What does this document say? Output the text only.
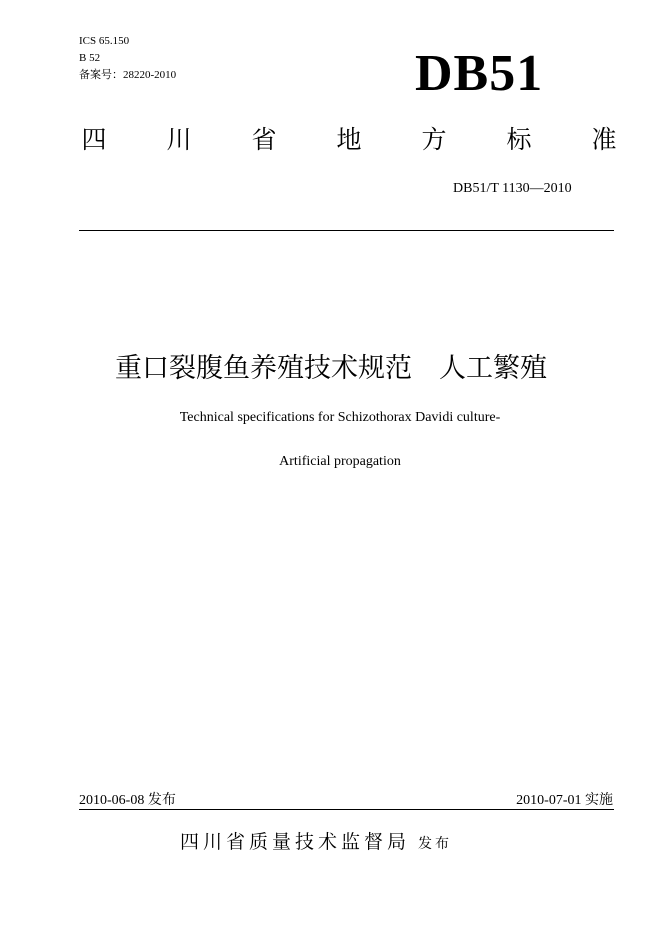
ICS 65.150
B 52
备案号：28220-2010	DB51
四 川 省 地 方 标 准
DB51/T 1130—2010
重口裂腹鱼养殖技术规范　人工繁殖
Technical specifications for Schizothorax Davidi culture-
Artificial propagation
2010-06-08 发布	2010-07-01 实施
四川省质量技术监督局 发布
